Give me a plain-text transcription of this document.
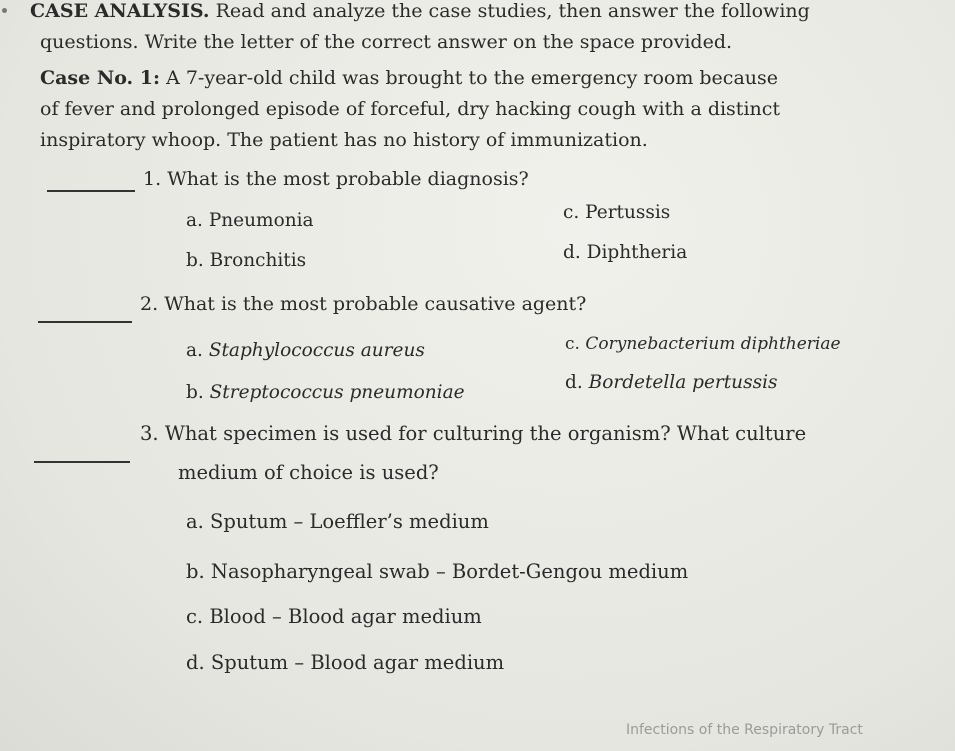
CASE ANALYSIS. Read and analyze the case studies, then answer the following
questions. Write the letter of the correct answer on the space provided.
Case No. 1: A 7-year-old child was brought to the emergency room because
of fever and prolonged episode of forceful, dry hacking cough with a distinct
inspiratory whoop. The patient has no history of immunization.
1. What is the most probable diagnosis?
a. Pneumonia
b. Bronchitis
c. Pertussis
d. Diphtheria
2. What is the most probable causative agent?
a. Staphylococcus aureus
b. Streptococcus pneumoniae
c. Corynebacterium diphtheriae
d. Bordetella pertussis
3. What specimen is used for culturing the organism? What culture
medium of choice is used?
a. Sputum – Loeffler’s medium
b. Nasopharyngeal swab – Bordet-Gengou medium
c. Blood – Blood agar medium
d. Sputum – Blood agar medium
Infections of the Respiratory Tract
